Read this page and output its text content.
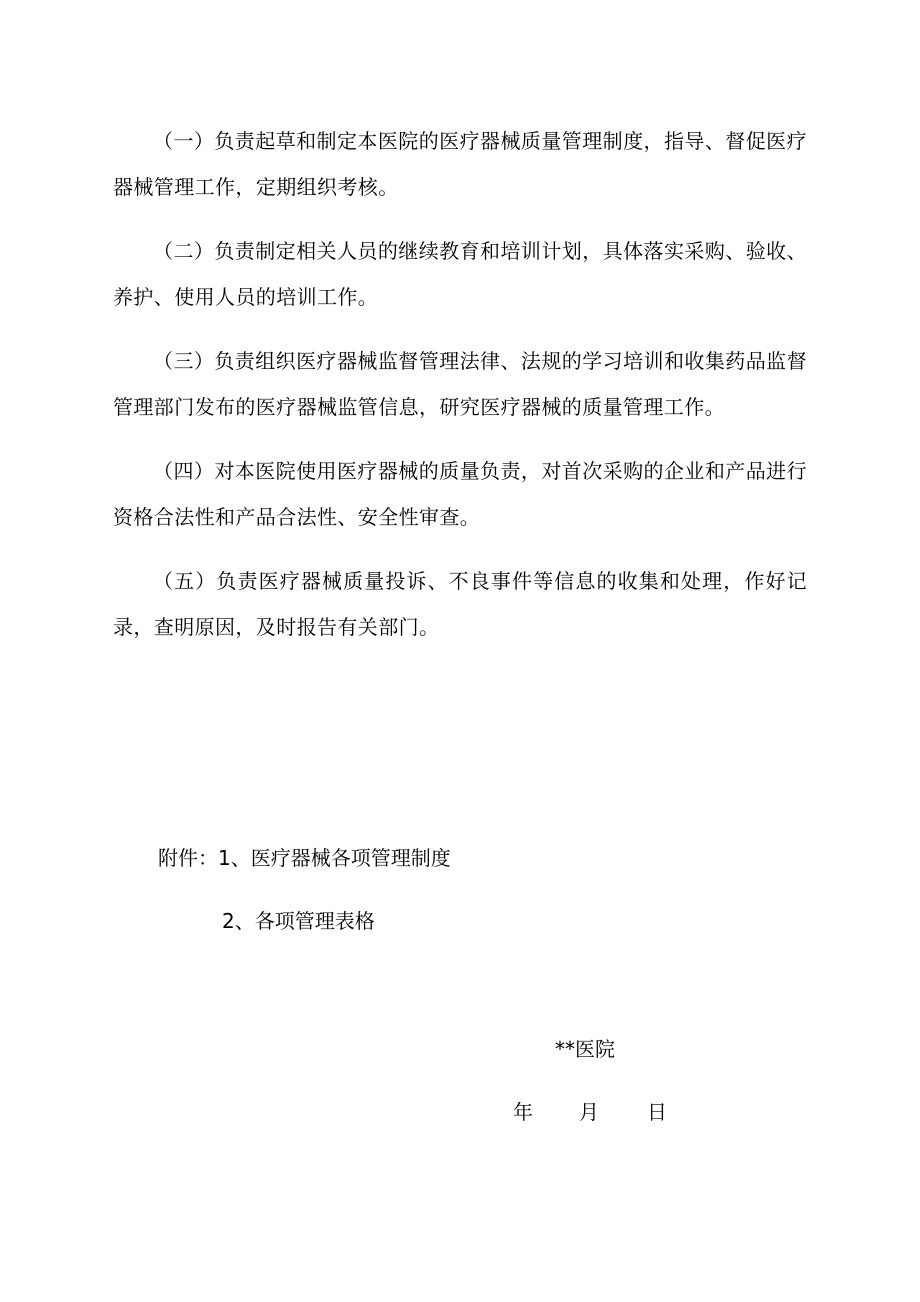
（一）负责起草和制定本医院的医疗器械质量管理制度，指导、督促医疗器械管理工作，定期组织考核。

（二）负责制定相关人员的继续教育和培训计划，具体落实采购、验收、养护、使用人员的培训工作。

（三）负责组织医疗器械监督管理法律、法规的学习培训和收集药品监督管理部门发布的医疗器械监管信息，研究医疗器械的质量管理工作。

（四）对本医院使用医疗器械的质量负责，对首次采购的企业和产品进行资格合法性和产品合法性、安全性审查。

（五）负责医疗器械质量投诉、不良事件等信息的收集和处理，作好记录，查明原因，及时报告有关部门。

附件：1、医疗器械各项管理制度
2、各项管理表格
**医院
年 月 日
